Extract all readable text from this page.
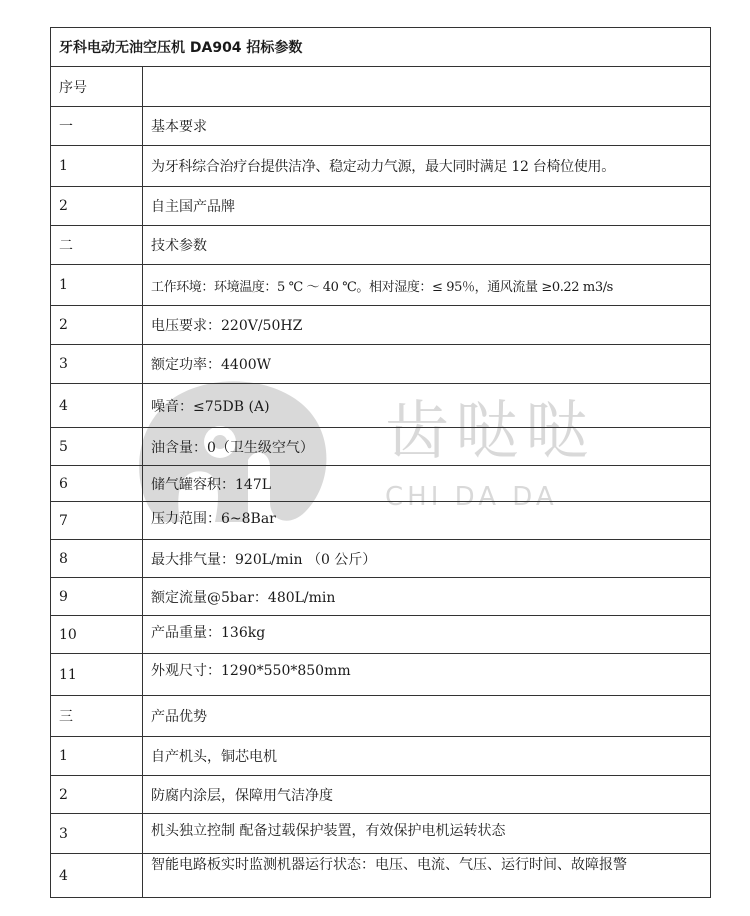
齿哒哒
CHI DA DA
牙科电动无油空压机 DA904 招标参数	
序号	
一	基本要求
1	为牙科综合治疗台提供洁净、稳定动力气源，最大同时满足 12 台椅位使用。
2	自主国产品牌
二	技术参数
1	工作环境：环境温度：5 ℃ ～ 40 ℃。相对湿度：≤ 95％，通风流量 ≥0.22 m3/s
2	电压要求：220V/50HZ
3	额定功率：4400W
4	噪音：≤75DB (A)
5	油含量：0（卫生级空气）
6	储气罐容积：147L
7	压力范围：6~8Bar
8	最大排气量：920L/min （0 公斤）
9	额定流量@5bar：480L/min
10	产品重量：136kg
11	外观尺寸：1290*550*850mm
三	产品优势
1	自产机头，铜芯电机
2	防腐内涂层，保障用气洁净度
3	机头独立控制 配备过载保护装置，有效保护电机运转状态
4	智能电路板实时监测机器运行状态：电压、电流、气压、运行时间、故障报警
